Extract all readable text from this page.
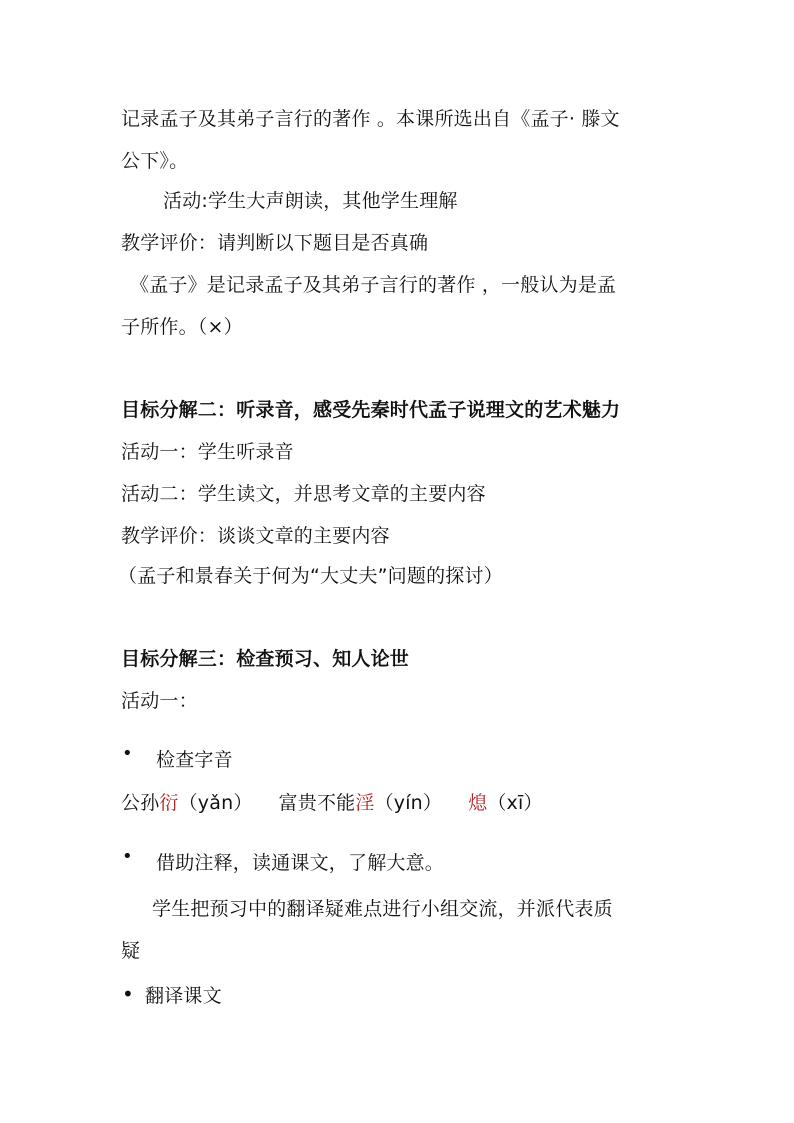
记录孟子及其弟子言行的著作 。本课所选出自《孟子· 滕文
公下》。
活动:学生大声朗读，其他学生理解
教学评价：请判断以下题目是否真确
《孟子》是记录孟子及其弟子言行的著作 ，一般认为是孟
子所作。（×）
目标分解二：听录音，感受先秦时代孟子说理文的艺术魅力
活动一：学生听录音
活动二：学生读文，并思考文章的主要内容
教学评价：谈谈文章的主要内容
（孟子和景春关于何为“大丈夫”问题的探讨）
目标分解三：检查预习、知人论世
活动一：
• 检查字音
公孙衍（yǎn） 富贵不能淫（yín） 熄（xī）
• 借助注释，读通课文，了解大意。
学生把预习中的翻译疑难点进行小组交流，并派代表质
疑
• 翻译课文
